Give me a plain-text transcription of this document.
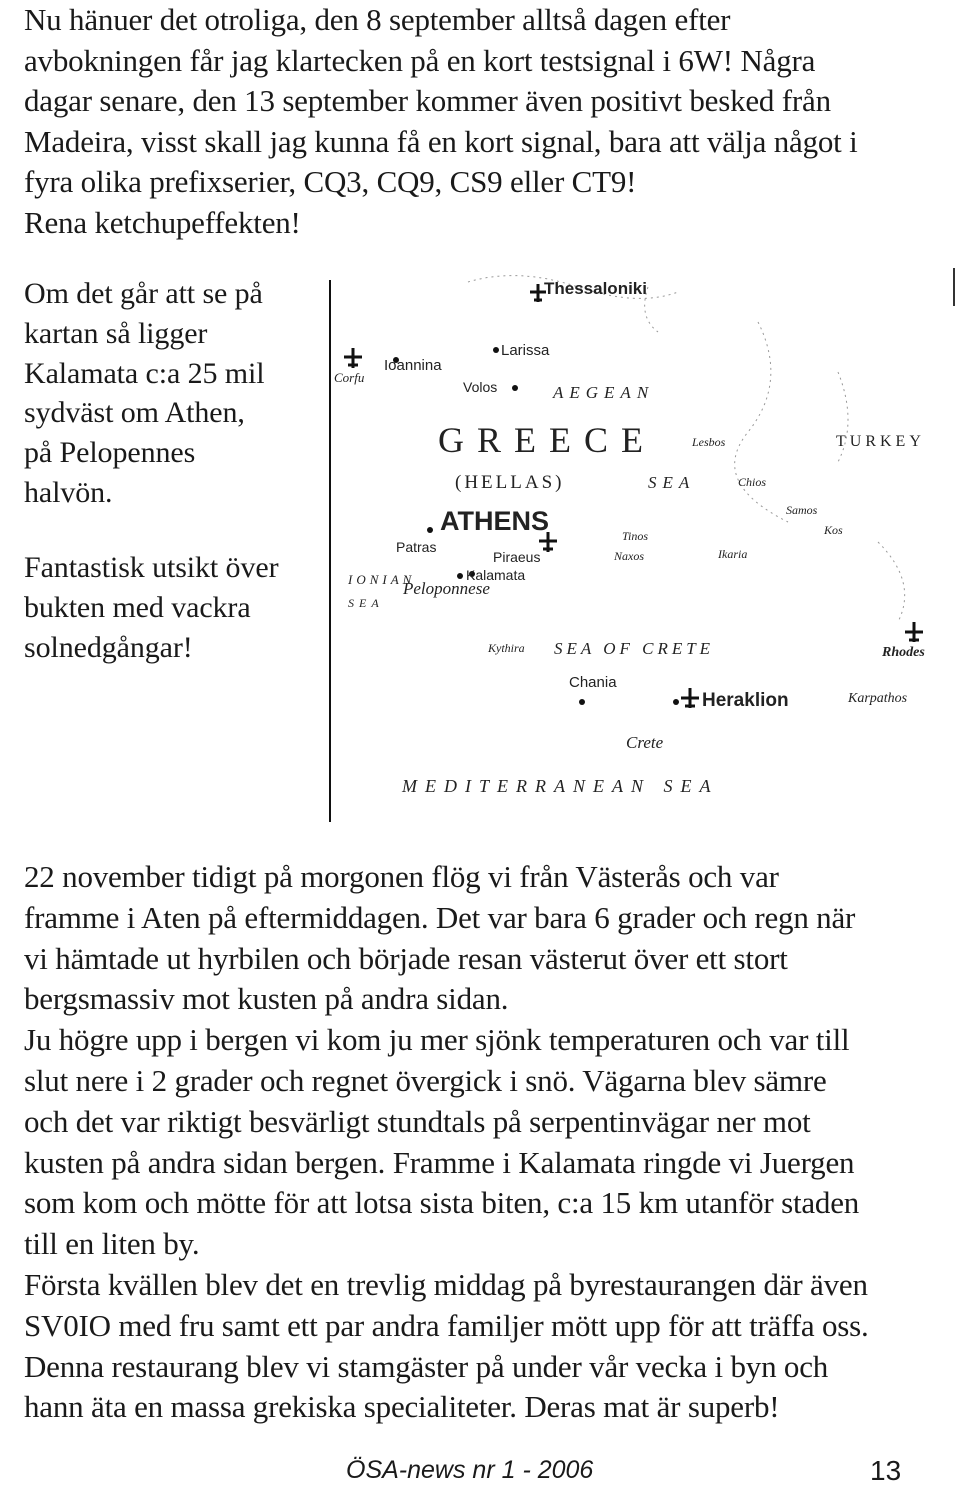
Nu hänuer det otroliga, den 8 september alltså dagen efter
avbokningen får jag klartecken på en kort testsignal i 6W! Några
dagar senare, den 13 september kommer även positivt besked från
Madeira, visst skall jag kunna få en kort signal, bara att välja något i
fyra olika prefixserier, CQ3, CQ9, CS9 eller CT9!
Rena ketchupeffekten!
Om det går att se på
kartan så ligger
Kalamata c:a 25 mil
sydväst om Athen,
på Pelopennes
halvön.
Fantastisk utsikt över
bukten med vackra
solnedgångar!
Thessaloniki
Ioannina
Corfu
Larissa
Volos	AEGEAN
GREECE
(HELLAS)	SEA
TURKEY
Lesbos
Chios
ATHENS
Patras
Piraeus
Tinos
Naxos	Ikaria
Samos
Kos
Peloponnese
Kalamata
IONIAN
SEA
Kythira SEA OF CRETE
Chania
Heraklion
Crete
MEDITERRANEAN SEA
Rhodes
Karpathos
22 november tidigt på morgonen flög vi från Västerås och var
framme i Aten på eftermiddagen. Det var bara 6 grader och regn när
vi hämtade ut hyrbilen och började resan västerut över ett stort
bergsmassiv mot kusten på andra sidan.
Ju högre upp i bergen vi kom ju mer sjönk temperaturen och var till
slut nere i 2 grader och regnet övergick i snö. Vägarna blev sämre
och det var riktigt besvärligt stundtals på serpentinvägar ner mot
kusten på andra sidan bergen. Framme i Kalamata ringde vi Juergen
som kom och mötte för att lotsa sista biten, c:a 15 km utanför staden
till en liten by.
Första kvällen blev det en trevlig middag på byrestaurangen där även
SV0IO med fru samt ett par andra familjer mött upp för att träffa oss.
Denna restaurang blev vi stamgäster på under vår vecka i byn och
hann äta en massa grekiska specialiteter. Deras mat är superb!
ÖSA-news nr 1 - 2006	13
